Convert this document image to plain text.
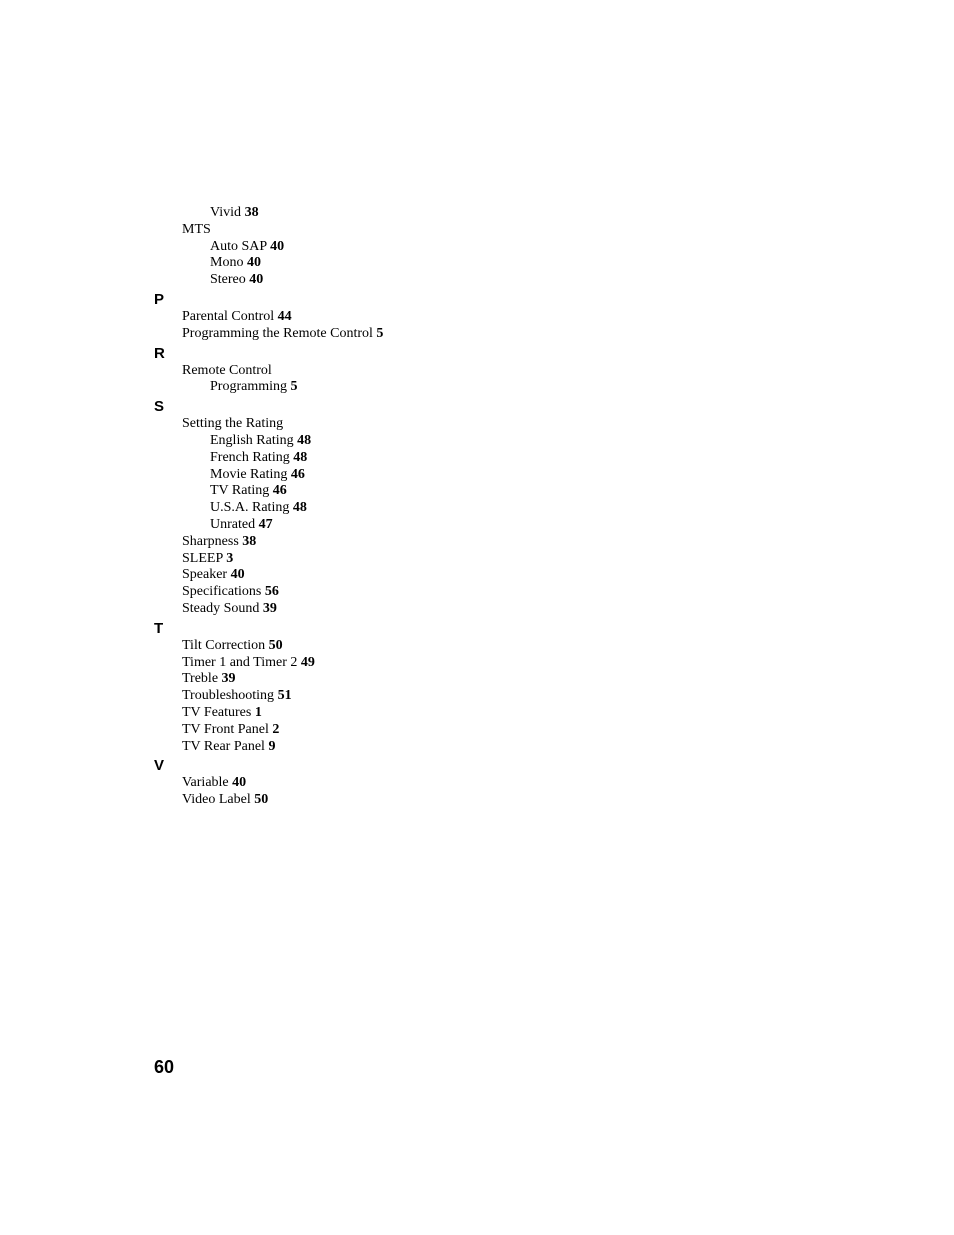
Vivid 38
MTS
Auto SAP 40
Mono 40
Stereo 40
P
Parental Control 44
Programming the Remote Control 5
R
Remote Control
Programming 5
S
Setting the Rating
English Rating 48
French Rating 48
Movie Rating 46
TV Rating 46
U.S.A. Rating 48
Unrated 47
Sharpness 38
SLEEP 3
Speaker 40
Specifications 56
Steady Sound 39
T
Tilt Correction 50
Timer 1 and Timer 2 49
Treble 39
Troubleshooting 51
TV Features 1
TV Front Panel 2
TV Rear Panel 9
V
Variable 40
Video Label 50
60
